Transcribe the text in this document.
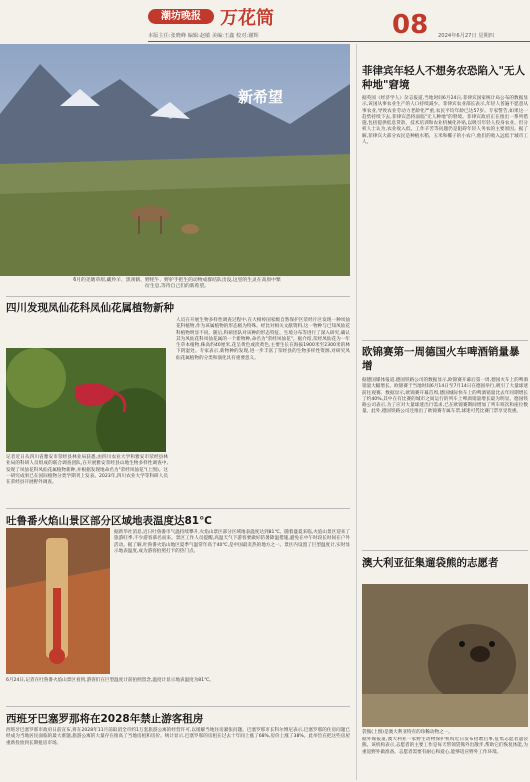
潮坊晚报	万花筒	08
本版主任:张晓峰 编辑:赵敏 美编:王鑫 校对:谢辉	2024年6月27日 星期四
新希望
6月的羌塘草原,藏羚羊、黑颈鹤、野牦牛、野驴手把生的动物成群结队出没,这里的生灵在高原中繁衍生息,等待自己们的新希望。
四川发现凤仙花科凤仙花属植物新种
记者近日从四川省雅安市荥经县林业局获悉,由四川农业大学和雅安市荥经县林业局的科研人员组成的联合调查团队,在开展雅安荥经县山地生物多样性调查中,发现了凤仙花科凤仙花属植物新种,并根据发现地命名为"荥经凤仙花"(上图)。这一研究成果已在国际植物分类学期刊上发表。2023年,四川农业大学等科研人员在荥经县开展野外调查。
人员在开展生物多样性调查过程中,在大相岭国家级自然保护区荥经片区发现一种凤仙花科植物,作为该属植物的形态极为特殊。经比对相关文献资料,这一物种与已知凤仙花科植物明显不同。随后,科研团队对该种的形态特征、生境分布等进行了深入研究,确认其为凤仙花科凤仙花属的一个新物种,命名为"荥经凤仙花"。据介绍,荥经凤仙花为一年生草本植物,株高约40厘米,花呈黄色或淡黄色,主要生长在海拔1900米至2300米的林下阴湿处。专家表示,新物种的发现,进一步丰富了荥经县的生物多样性资源,对研究凤仙花属植物的分类和演化具有重要意义。
吐鲁番火焰山景区部分区域地表温度达81℃
据新华社消息,近日吐鲁番市气温持续攀升,火焰山景区部分区域地表温度达到81℃。随着盛夏来临,火焰山景区迎来了旅游旺季,不少游客慕名而来。景区工作人员提醒,高温天气下游客要做好防暑降温措施,避免在中午时段长时间在户外活动。据了解,吐鲁番火焰山地区夏季气温常年高于40℃,是中国最炎热的地方之一。景区内设置了巨型温度计,实时显示地表温度,成为游客拍照打卡的热门点。
6月24日,记者在吐鲁番火焰山景区看到,游客们在巨型温度计前拍照留念,温度计显示地表温度为81℃。
西班牙巴塞罗那将在2028年禁止游客租房
西班牙巴塞罗那市政府日前宣布,将在2028年11月前取消全市约1万套旅游公寓的经营许可,以缓解当地住房紧张问题。巴塞罗那市长科尔博尼表示,巴塞罗那的住房问题已经成为当地居民面临的最大难题,旅游公寓的大量存在推高了当地房租和房价。统计显示,巴塞罗那的房租在过去十年间上涨了68%,房价上涨了38%。此举旨在把这些房屋重新投放到长期租房市场。
菲律宾年轻人不想务农恐陷入"无人种地"窘境
据英国《经济学人》杂志报道,当地时间6月24日,菲律宾国家统计局公布的数据显示,该国从事农业生产的人口持续减少。菲律宾农业部长表示,年轻人普遍不愿意从事农业,导致农业劳动力老龄化严重,农民平均年龄已达57岁。专家警告,如果这一趋势持续下去,菲律宾恐将面临"无人种地"的窘境。菲律宾政府正在推出一系列措施,包括提供低息贷款、技术培训和农业机械化补贴,以吸引年轻人投身农业。但分析人士认为,农业收入低、工作辛苦等问题仍是阻碍年轻人务农的主要原因。据了解,菲律宾大部分农民是种植水稻、玉米和椰子的小农户,他们的收入远低于城市工人。
欧锦赛第一周德国火车啤酒销量暴增
据德国媒体报道,德国铁路公司的数据显示,欧锦赛开幕后第一周,德国火车上的啤酒销量大幅增长。欧锦赛于当地时间6月14日至7月14日在德国举行,吸引了大量球迷前往观赛。数据显示,欧锦赛开幕首周,德国城际快车上的啤酒销量比去年同期增长了约40%,其中在有比赛的城市之间运行的列车上啤酒销量增长最为明显。德国铁路公司表示,为了应对大量球迷出行需求,已在欧锦赛期间增加了列车班次和座位数量。此外,德国铁路公司还推出了欧锦赛专属车票,球迷可凭比赛门票享受优惠。
澳大利亚征集遛袋熊的志愿者
袋熊(上图)是澳大利亚特有的珍稀动物之一。
据外媒报道,澳大利亚一家野生动物保护机构近日发布招聘启事,征集志愿者遛袋熊。该机构表示,志愿者的主要工作是每天带领袋熊外出散步,帮助它们恢复体能,为重返野外做准备。志愿者需要有耐心和爱心,能够适应野外工作环境。
